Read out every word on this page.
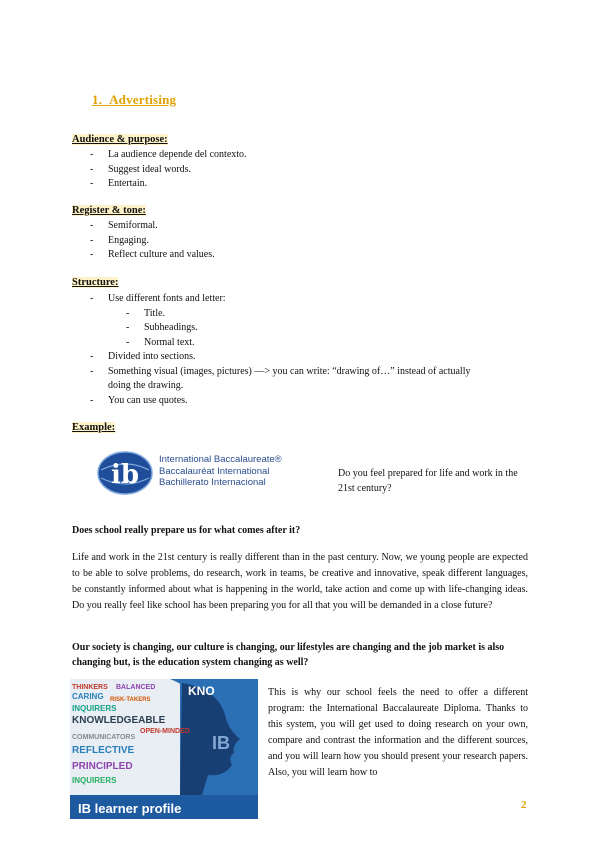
1. Advertising
Audience & purpose:
- La audience depende del contexto.
- Suggest ideal words.
- Entertain.
Register & tone:
- Semiformal.
- Engaging.
- Reflect culture and values.
Structure:
- Use different fonts and letter:
- Title.
- Subheadings.
- Normal text.
- Divided into sections.
- Something visual (images, pictures) —> you can write: “drawing of…” instead of actually
doing the drawing.
- You can use quotes.
Example:
ib
International Baccalaureate®
Baccalauréat International
Bachillerato Internacional
Do you feel prepared for life and work in the 21st century?
Does school really prepare us for what comes after it?
Life and work in the 21st century is really different than in the past century. Now, we young people are expected to be able to solve problems, do research, work in teams, be creative and innovative, speak different languages, be constantly informed about what is happening in the world, take action and come up with life-changing ideas. Do you really feel like school has been preparing you for all that you will be demanded in a close future?
Our society is changing, our culture is changing, our lifestyles are changing and the job market is also changing but, is the education system changing as well?
THINKERS BALANCED
CARING RISK-TAKERS
INQUIRERS
KNOWLEDGEABLE
OPEN-MINDED
COMMUNICATORS
REFLECTIVE
PRINCIPLED
INQUIRERS
KNO
IB
IB learner profile
This is why our school feels the need to offer a different program: the International Baccalaureate Diploma. Thanks to this system, you will get used to doing research on your own, compare and contrast the information and the different sources, and you will learn how you should present your research papers. Also, you will learn how to
2
